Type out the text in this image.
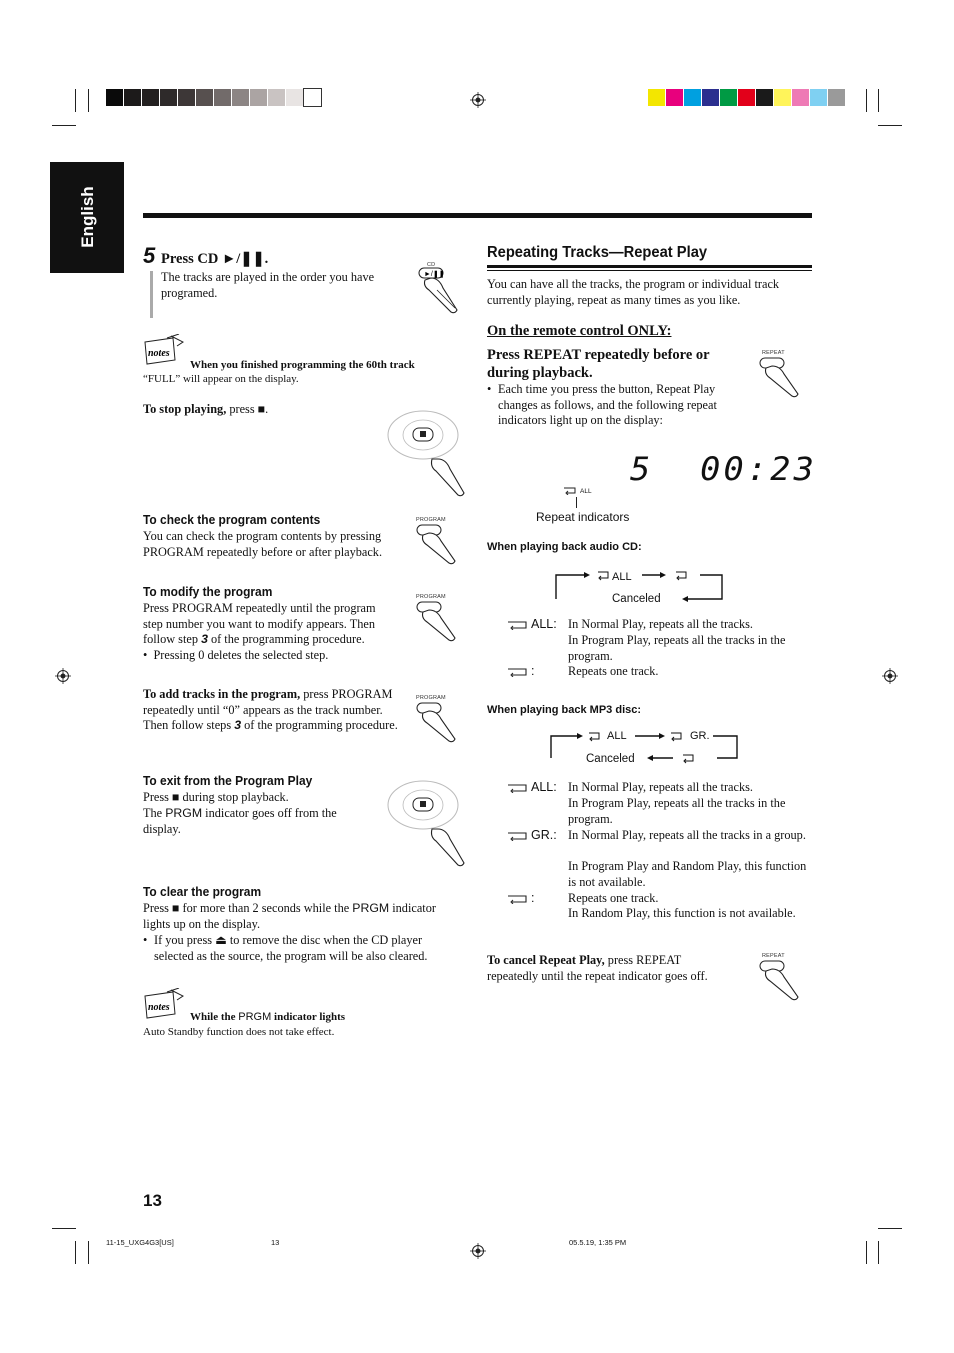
English
5 Press CD ►/❚❚.
The tracks are played in the order you have programed.
CD
►/❚❚
notes
When you finished programming the 60th track
“FULL” will appear on the display.
To stop playing, press ■.
To check the program contents
You can check the program contents by pressing PROGRAM repeatedly before or after playback.
PROGRAM
To modify the program
Press PROGRAM repeatedly until the program step number you want to modify appears. Then follow step 3 of the programming procedure.
•  Pressing 0 deletes the selected step.
PROGRAM
To add tracks in the program, press PROGRAM repeatedly until “0” appears as the track number. Then follow steps 3 of the programming procedure.
PROGRAM
To exit from the Program Play
Press ■ during stop playback.
The PRGM indicator goes off from the display.
To clear the program
Press ■ for more than 2 seconds while the PRGM indicator lights up on the display.
• If you press ⏏ to remove the disc when the CD player selected as the source, the program will be also cleared.
notes
While the PRGM indicator lights
Auto Standby function does not take effect.
Repeating Tracks—Repeat Play
You can have all the tracks, the program or individual track currently playing, repeat as many times as you like.
On the remote control ONLY:
Press REPEAT repeatedly before or during playback.
• Each time you press the button, Repeat Play changes as follows, and the following repeat indicators light up on the display:
REPEAT
5  00:23
ALL
Repeat indicators
When playing back audio CD:
ALL
Canceled
ALL: In Normal Play, repeats all the tracks.
In Program Play, repeats all the tracks in the program.
:	Repeats one track.
When playing back MP3 disc:
ALL	GR.
Canceled
ALL: In Normal Play, repeats all the tracks.
In Program Play, repeats all the tracks in the program.
GR.: In Normal Play, repeats all the tracks in a group.
In Program Play and Random Play, this function is not available.
:	Repeats one track.
In Random Play, this function is not available.
To cancel Repeat Play, press REPEAT repeatedly until the repeat indicator goes off.
REPEAT
13
11-15_UXG4G3[US]	13	05.5.19, 1:35 PM
